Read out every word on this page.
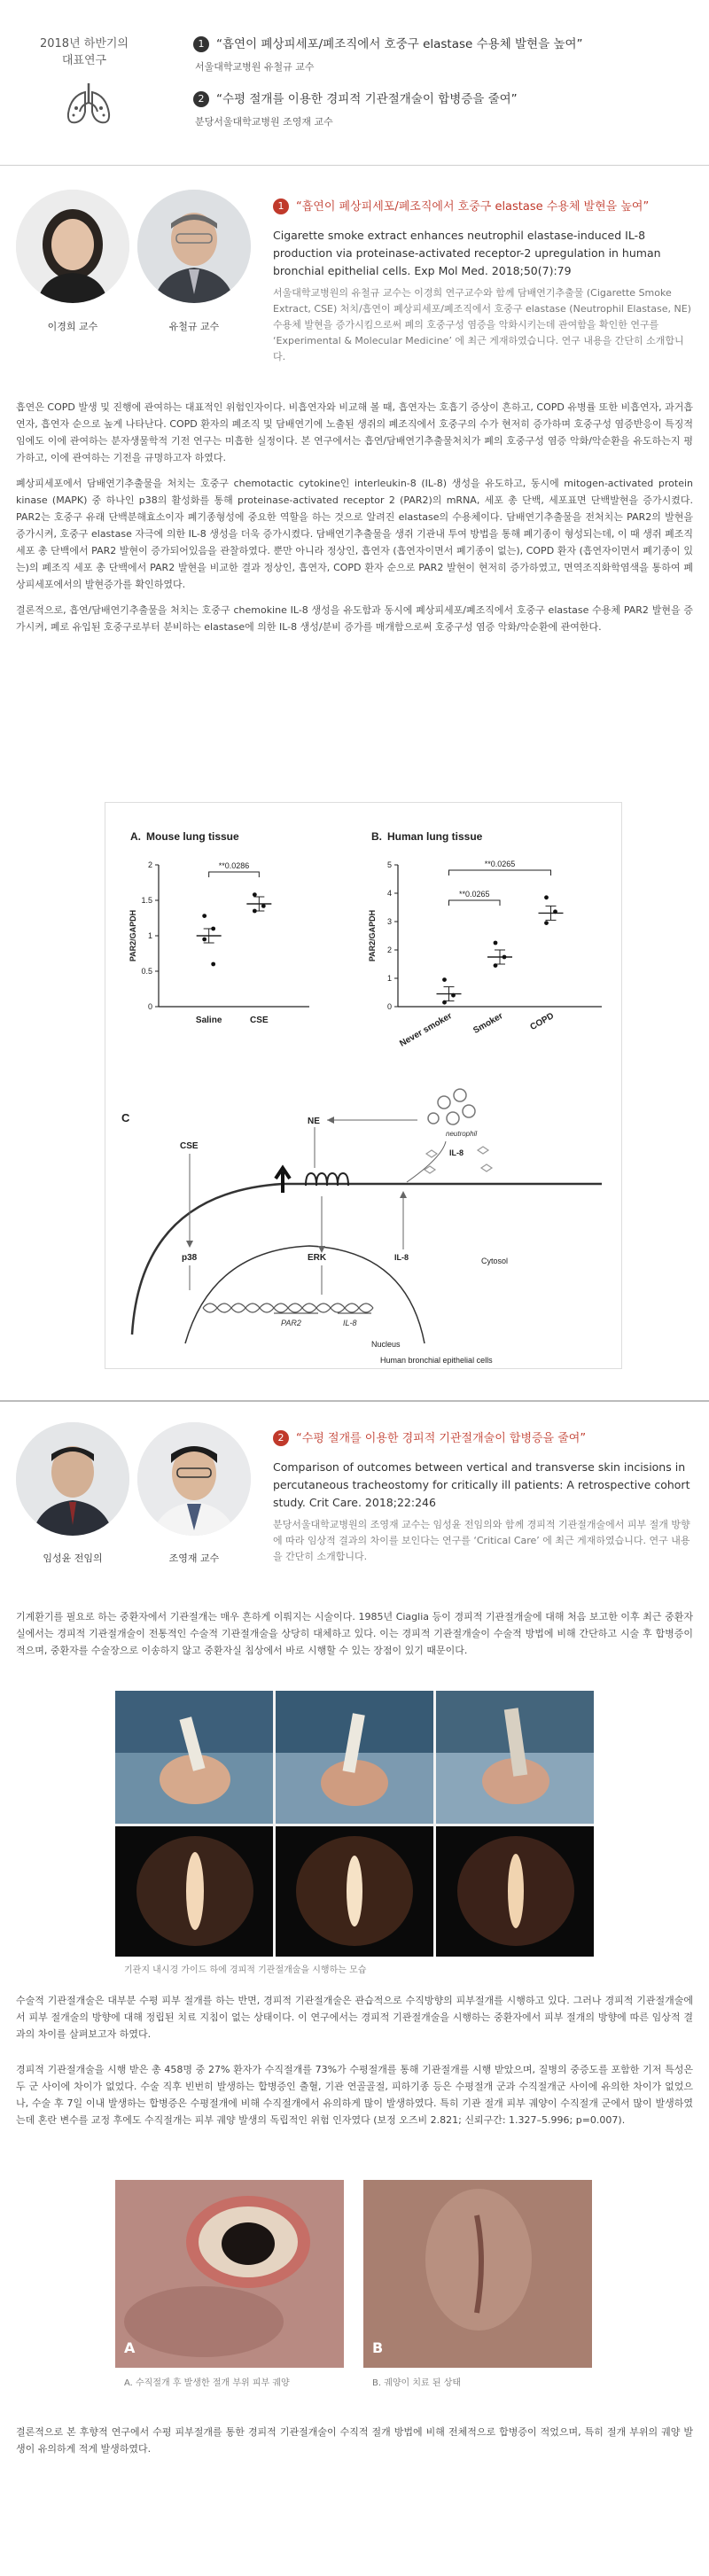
2018년 하반기의
대표연구
1 “흡연이 폐상피세포/폐조직에서 호중구 elastase 수용체 발현을 높여”
서울대학교병원 유철규 교수
2 “수평 절개를 이용한 경피적 기관절개술이 합병증을 줄여”
분당서울대학교병원 조영재 교수
이경희 교수	유철규 교수
1 “흡연이 폐상피세포/폐조직에서 호중구 elastase 수용체 발현을 높여”
Cigarette smoke extract enhances neutrophil elastase-induced IL-8 production via proteinase-activated receptor-2 upregulation in human bronchial epithelial cells. Exp Mol Med. 2018;50(7):79
서울대학교병원의 유철규 교수는 이경희 연구교수와 함께 담배연기추출물 (Cigarette Smoke Extract, CSE) 처치/흡연이 폐상피세포/폐조직에서 호중구 elastase (Neutrophil Elastase, NE) 수용체 발현을 증가시킴으로써 폐의 호중구성 염증을 악화시키는데 관여함을 확인한 연구를 ‘Experimental & Molecular Medicine’ 에 최근 게재하였습니다. 연구 내용을 간단히 소개합니다.

흡연은 COPD 발생 및 진행에 관여하는 대표적인 위험인자이다. 비흡연자와 비교해 볼 때, 흡연자는 호흡기 증상이 흔하고, COPD 유병률 또한 비흡연자, 과거흡연자, 흡연자 순으로 높게 나타난다. COPD 환자의 폐조직 및 담배연기에 노출된 생쥐의 폐조직에서 호중구의 수가 현저히 증가하며 호중구성 염증반응이 특징적임에도 이에 관여하는 분자생물학적 기전 연구는 미흡한 실정이다. 본 연구에서는 흡연/담배연기추출물처치가 폐의 호중구성 염증 악화/악순환을 유도하는지 평가하고, 이에 관여하는 기전을 규명하고자 하였다.

폐상피세포에서 담배연기추출물을 처치는 호중구 chemotactic cytokine인 interleukin-8 (IL-8) 생성을 유도하고, 동시에 mitogen-activated protein kinase (MAPK) 중 하나인 p38의 활성화를 통해 proteinase-activated receptor 2 (PAR2)의 mRNA, 세포 총 단백, 세포표면 단백발현을 증가시켰다. PAR2는 호중구 유래 단백분해효소이자 폐기종형성에 중요한 역할을 하는 것으로 알려진 elastase의 수용체이다. 담배연기추출물을 전처치는 PAR2의 발현을 증가시켜, 호중구 elastase 자극에 의한 IL-8 생성을 더욱 증가시켰다. 담배연기추출물을 생쥐 기관내 투여 방법을 통해 폐기종이 형성되는데, 이 때 생쥐 폐조직 세포 총 단백에서 PAR2 발현이 증가되어있음을 관찰하였다. 뿐만 아니라 정상인, 흡연자 (흡연자이면서 폐기종이 없는), COPD 환자 (흡연자이면서 폐기종이 있는)의 폐조직 세포 총 단백에서 PAR2 발현을 비교한 결과 정상인, 흡연자, COPD 환자 순으로 PAR2 발현이 현저히 증가하였고, 면역조직화학염색을 통하여 폐상피세포에서의 발현증가를 확인하였다.

결론적으로, 흡연/담배연기추출물을 처치는 호중구 chemokine IL-8 생성을 유도함과 동시에 폐상피세포/폐조직에서 호중구 elastase 수용체 PAR2 발현을 증가시켜, 폐로 유입된 호중구로부터 분비하는 elastase에 의한 IL-8 생성/분비 증가를 매개함으로써 호중구성 염증 악화/악순환에 관여한다.

A. Mouse lung tissue	B. Human lung tissue
0
0.5
1
1.5
2
PAR2/GAPDH
Saline	CSE
**0.0286
0
1
2
3
4
5
PAR2/GAPDH
Never smoker Smoker	COPD
**0.0265
**0.0265
C
PAR2	IL-8
NE
CSE
p38	ERK
neutrophil
IL-8
IL-8	Cytosol
Nucleus
Human bronchial epithelial cells
임성윤 전임의	조영재 교수
2 “수평 절개를 이용한 경피적 기관절개술이 합병증을 줄여”
Comparison of outcomes between vertical and transverse skin incisions in percutaneous tracheostomy for critically ill patients: A retrospective cohort study. Crit Care. 2018;22:246
분당서울대학교병원의 조영재 교수는 임성윤 전임의와 함께 경피적 기관절개술에서 피부 절개 방향에 따라 임상적 결과의 차이를 보인다는 연구를 ‘Critical Care’ 에 최근 게재하였습니다. 연구 내용을 간단히 소개합니다.
기계환기를 필요로 하는 중환자에서 기관절개는 매우 흔하게 이뤄지는 시술이다. 1985년 Ciaglia 등이 경피적 기관절개술에 대해 처음 보고한 이후 최근 중환자실에서는 경피적 기관절개술이 전통적인 수술적 기관절개술을 상당히 대체하고 있다. 이는 경피적 기관절개술이 수술적 방법에 비해 간단하고 시술 후 합병증이 적으며, 중환자를 수술장으로 이송하지 않고 중환자실 침상에서 바로 시행할 수 있는 장점이 있기 때문이다.
기관지 내시경 가이드 하에 경피적 기관절개술을 시행하는 모습
수술적 기관절개술은 대부분 수평 피부 절개를 하는 반면, 경피적 기관절개술은 관습적으로 수직방향의 피부절개를 시행하고 있다. 그러나 경피적 기관절개술에서 피부 절개술의 방향에 대해 정립된 치료 지침이 없는 상태이다. 이 연구에서는 경피적 기관절개술을 시행하는 중환자에서 피부 절개의 방향에 따른 임상적 결과의 차이를 살펴보고자 하였다.
경피적 기관절개술을 시행 받은 총 458명 중 27% 환자가 수직절개를 73%가 수평절개를 통해 기관절개를 시행 받았으며, 질병의 중증도를 포함한 기저 특성은 두 군 사이에 차이가 없었다. 수술 직후 빈번히 발생하는 합병증인 출혈, 기관 연골골절, 피하기종 등은 수평절개 군과 수직절개군 사이에 유의한 차이가 없었으나, 수술 후 7일 이내 발생하는 합병증은 수평절개에 비해 수직절개에서 유의하게 많이 발생하였다. 특히 기관 절개 피부 궤양이 수직절개 군에서 많이 발생하였는데 혼란 변수를 교정 후에도 수직절개는 피부 궤양 발생의 독립적인 위험 인자였다 (보정 오즈비 2.821; 신뢰구간: 1.327–5.996; p=0.007).
A	B
A. 수직절개 후 발생한 절개 부위 피부 궤양	B. 궤양이 치료 된 상태
결론적으로 본 후향적 연구에서 수평 피부절개를 통한 경피적 기관절개술이 수직적 절개 방법에 비해 전체적으로 합병증이 적었으며, 특히 절개 부위의 궤양 발생이 유의하게 적게 발생하였다.
